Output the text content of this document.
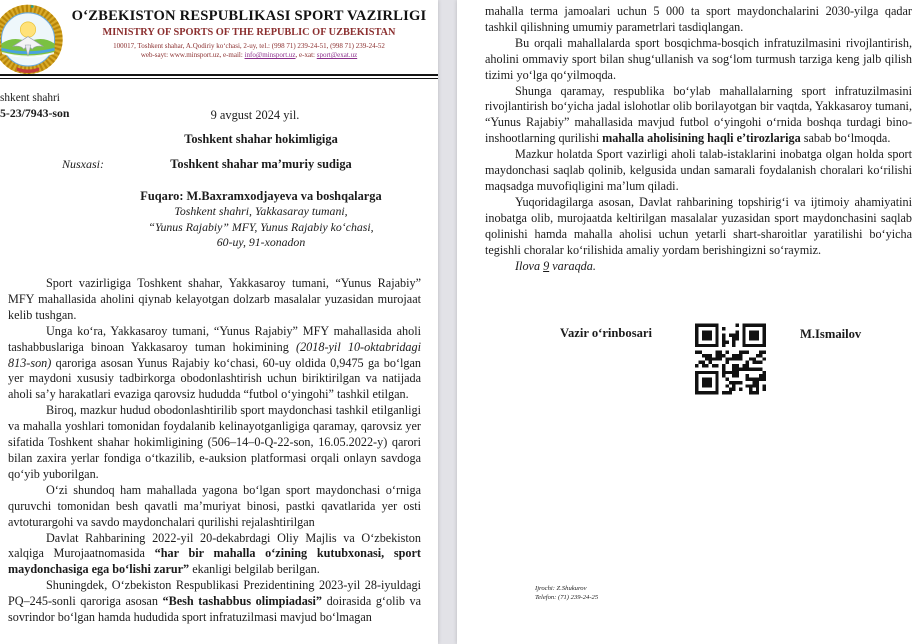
O‘ZBEKISTON RESPUBLIKASI SPORT VAZIRLIGI
MINISTRY OF SPORTS OF THE REPUBLIC OF UZBEKISTAN
100017, Toshkent shahar, A.Qodiriy ko‘chasi, 2-uy, tel.: (998 71) 239-24-51, (998 71) 239-24-52
web-sayt: www.minsport.uz, e-mail: info@minsport.uz, e-xat: sport@exat.uz
shkent shahri
5-23/7943-son	9 avgust 2024 yil.
Toshkent shahar hokimligiga
Nusxasi:	Toshkent shahar ma’muriy sudiga
Fuqaro: M.Baxramxodjayeva va boshqalarga
Toshkent shahri, Yakkasaray tumani,
“Yunus Rajabiy” MFY, Yunus Rajabiy ko‘chasi,
60-uy, 91-xonadon

Sport vazirligiga Toshkent shahar, Yakkasaroy tumani, “Yunus Rajabiy” MFY mahallasida aholini qiynab kelayotgan dolzarb masalalar yuzasidan murojaat kelib tushgan.

Unga ko‘ra, Yakkasaroy tumani, “Yunus Rajabiy” MFY mahallasida aholi tashabbuslariga binoan Yakkasaroy tuman hokimining (2018-yil 10-oktabridagi 813-son) qaroriga asosan Yunus Rajabiy ko‘chasi, 60-uy oldida 0,9475 ga bo‘lgan yer maydoni xususiy tadbirkorga obodonlashtirish uchun biriktirilgan va natijada aholi sa’y harakatlari evaziga qarovsiz hududda “futbol o‘yingohi” tashkil etilgan.

Biroq, mazkur hudud obodonlashtirilib sport maydonchasi tashkil etilganligi va mahalla yoshlari tomonidan foydalanib kelinayotganligiga qaramay, qarovsiz yer sifatida Toshkent shahar hokimligining (506–14–0-Q-22-son, 16.05.2022-y) qarori bilan zaxira yerlar fondiga o‘tkazilib, e-auksion platformasi orqali onlayn savdoga qo‘yib yuborilgan.

O‘zi shundoq ham mahallada yagona bo‘lgan sport maydonchasi o‘rniga quruvchi tomonidan besh qavatli ma’muriyat binosi, pastki qavatlarida yer osti avtoturargohi va savdo maydonchalari qurilishi rejalashtirilgan

Davlat Rahbarining 2022-yil 20-dekabrdagi Oliy Majlis va O‘zbekiston xalqiga Murojaatnomasida “har bir mahalla o‘zining kutubxonasi, sport maydonchasiga ega bo‘lishi zarur” ekanligi belgilab berilgan.

Shuningdek, O‘zbekiston Respublikasi Prezidentining 2023-yil 28-iyuldagi PQ–245-sonli qaroriga asosan “Besh tashabbus olimpiadasi” doirasida g‘olib va sovrindor bo‘lgan hamda hududida sport infratuzilmasi mavjud bo‘lmagan

mahalla terma jamoalari uchun 5 000 ta sport maydonchalarini 2030-yilga qadar tashkil qilishning umumiy parametrlari tasdiqlangan.

Bu orqali mahallalarda sport bosqichma-bosqich infratuzilmasini rivojlantirish, aholini ommaviy sport bilan shug‘ullanish va sog‘lom turmush tarziga keng jalb qilish tizimi yo‘lga qo‘yilmoqda.

Shunga qaramay, respublika bo‘ylab mahallalarning sport infratuzilmasini rivojlantirish bo‘yicha jadal islohotlar olib borilayotgan bir vaqtda, Yakkasaroy tumani, “Yunus Rajabiy” mahallasida mavjud futbol o‘yingohi o‘rnida boshqa turdagi bino-inshootlarning qurilishi mahalla aholisining haqli e’tirozlariga sabab bo‘lmoqda.

Mazkur holatda Sport vazirligi aholi talab-istaklarini inobatga olgan holda sport maydonchasi saqlab qolinib, kelgusida undan samarali foydalanish choralari ko‘rilishi maqsadga muvofiqligini ma’lum qiladi.

Yuqoridagilarga asosan, Davlat rahbarining topshirig‘i va ijtimoiy ahamiyatini inobatga olib, murojaatda keltirilgan masalalar yuzasidan sport maydonchasini saqlab qolinishi hamda mahalla aholisi uchun yetarli shart-sharoitlar yaratilishi bo‘yicha tegishli choralar ko‘rilishida amaliy yordam berishingizni so‘raymiz.

Ilova 9 varaqda.

Vazir o‘rinbosari	M.Ismailov
Ijrochi: Z.Shukurov
Telefon: (71) 239-24-25
